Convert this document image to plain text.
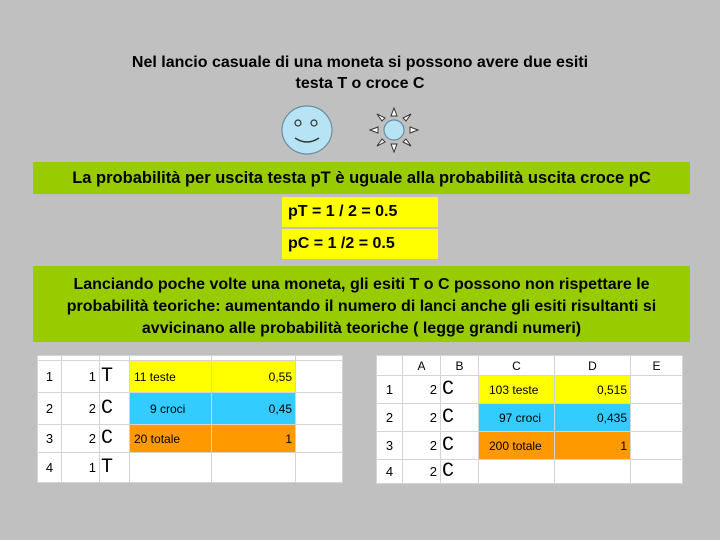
Nel lancio casuale di una moneta si possono avere due esiti
testa T o croce C
La probabilità per uscita testa pT è uguale alla probabilità uscita croce pC
pT = 1 / 2 = 0.5
pC = 1 /2 = 0.5
Lanciando poche volte una moneta, gli esiti T o C possono non rispettare le probabilità teoriche: aumentando il numero di lanci anche gli esiti risultanti si avvicinano alle probabilità teoriche ( legge grandi numeri)

1	1	T	11 teste	0,55	
2	2	C	9 croci	0,45	
3	2	C	20 totale	1	
4	1	T			
	A	B	C	D	E
1	2	C	103 teste	0,515	
2	2	C	97 croci	0,435	
3	2	C	200 totale	1	
4	2	C			
